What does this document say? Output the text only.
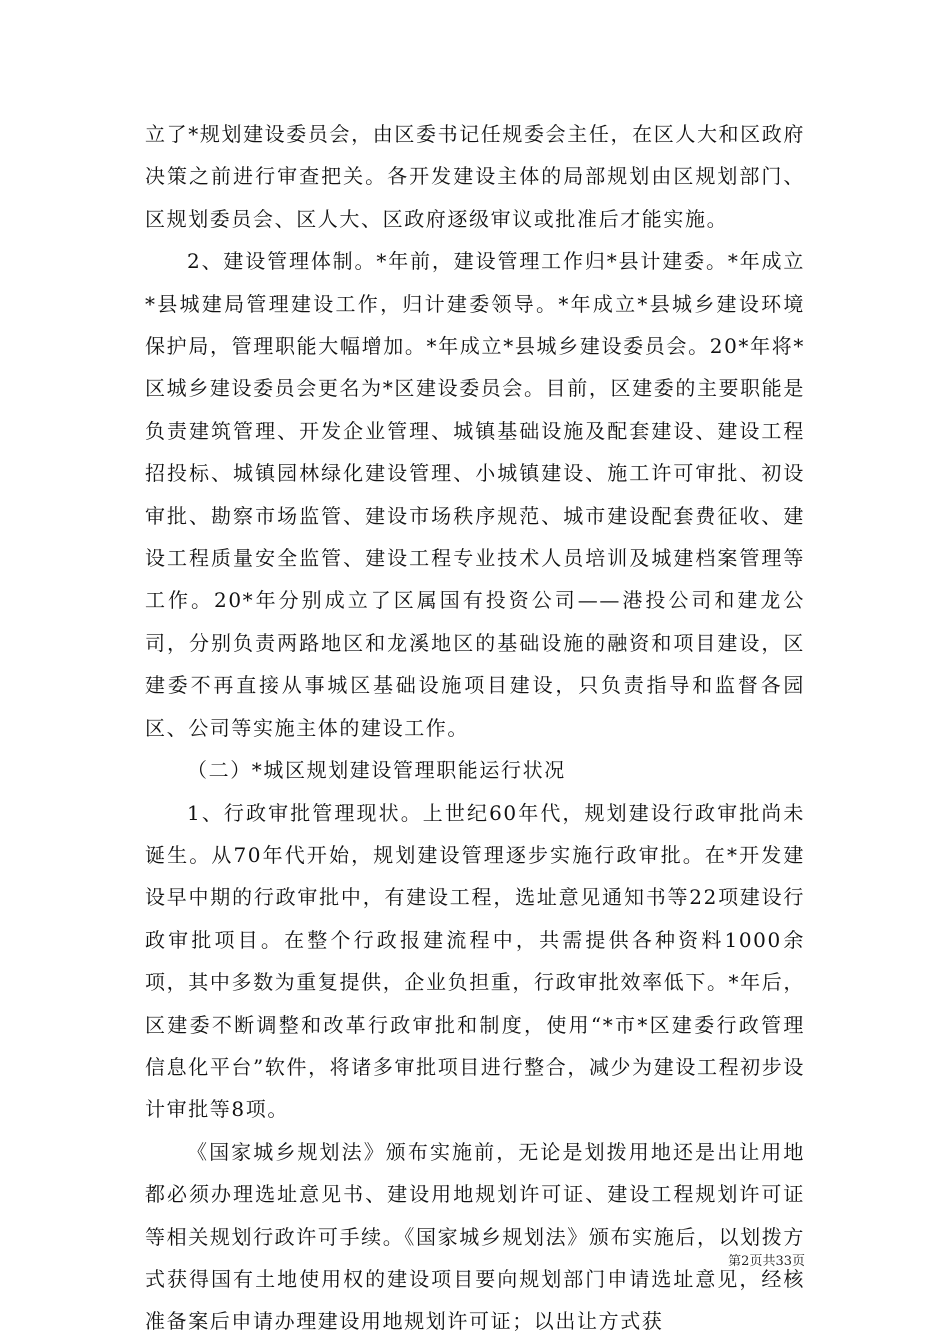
立了*规划建设委员会，由区委书记任规委会主任，在区人大和区政府决策之前进行审查把关。各开发建设主体的局部规划由区规划部门、区规划委员会、区人大、区政府逐级审议或批准后才能实施。

2、建设管理体制。*年前，建设管理工作归*县计建委。*年成立*县城建局管理建设工作，归计建委领导。*年成立*县城乡建设环境保护局，管理职能大幅增加。*年成立*县城乡建设委员会。20*年将*区城乡建设委员会更名为*区建设委员会。目前，区建委的主要职能是负责建筑管理、开发企业管理、城镇基础设施及配套建设、建设工程招投标、城镇园林绿化建设管理、小城镇建设、施工许可审批、初设审批、勘察市场监管、建设市场秩序规范、城市建设配套费征收、建设工程质量安全监管、建设工程专业技术人员培训及城建档案管理等工作。20*年分别成立了区属国有投资公司——港投公司和建龙公司，分别负责两路地区和龙溪地区的基础设施的融资和项目建设，区建委不再直接从事城区基础设施项目建设，只负责指导和监督各园区、公司等实施主体的建设工作。

（二）*城区规划建设管理职能运行状况

1、行政审批管理现状。上世纪60年代，规划建设行政审批尚未诞生。从70年代开始，规划建设管理逐步实施行政审批。在*开发建设早中期的行政审批中，有建设工程，选址意见通知书等22项建设行政审批项目。在整个行政报建流程中，共需提供各种资料1000余项，其中多数为重复提供，企业负担重，行政审批效率低下。*年后，区建委不断调整和改革行政审批和制度，使用“*市*区建委行政管理信息化平台”软件，将诸多审批项目进行整合，减少为建设工程初步设计审批等8项。

《国家城乡规划法》颁布实施前，无论是划拨用地还是出让用地都必须办理选址意见书、建设用地规划许可证、建设工程规划许可证等相关规划行政许可手续。《国家城乡规划法》颁布实施后，以划拨方式获得国有土地使用权的建设项目要向规划部门申请选址意见，经核准备案后申请办理建设用地规划许可证；以出让方式获

第2页共33页
